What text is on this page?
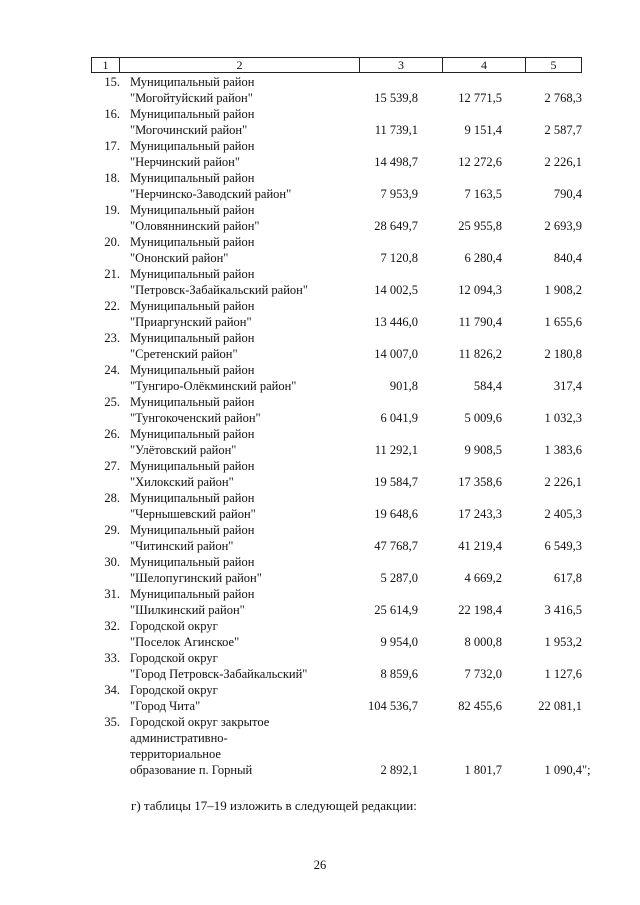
1	2	3	4	5
15. Муниципальный район
"Могойтуйский район"	15 539,8	12 771,5	2 768,3
16. Муниципальный район
"Могочинский район"	11 739,1	9 151,4	2 587,7
17. Муниципальный район
"Нерчинский район"	14 498,7	12 272,6	2 226,1
18. Муниципальный район
"Нерчинско-Заводский район"	7 953,9	7 163,5	790,4
19. Муниципальный район
"Оловяннинский район"	28 649,7	25 955,8	2 693,9
20. Муниципальный район
"Ононский район"	7 120,8	6 280,4	840,4
21. Муниципальный район
"Петровск-Забайкальский район"	14 002,5	12 094,3	1 908,2
22. Муниципальный район
"Приаргунский район"	13 446,0	11 790,4	1 655,6
23. Муниципальный район
"Сретенский район"	14 007,0	11 826,2	2 180,8
24. Муниципальный район
"Тунгиро-Олёкминский район"	901,8	584,4	317,4
25. Муниципальный район
"Тунгокоченский район"	6 041,9	5 009,6	1 032,3
26. Муниципальный район
"Улётовский район"	11 292,1	9 908,5	1 383,6
27. Муниципальный район
"Хилокский район"	19 584,7	17 358,6	2 226,1
28. Муниципальный район
"Чернышевский район"	19 648,6	17 243,3	2 405,3
29. Муниципальный район
"Читинский район"	47 768,7	41 219,4	6 549,3
30. Муниципальный район
"Шелопугинский район"	5 287,0	4 669,2	617,8
31. Муниципальный район
"Шилкинский район"	25 614,9	22 198,4	3 416,5
32. Городской округ
"Поселок Агинское"	9 954,0	8 000,8	1 953,2
33. Городской округ
"Город Петровск-Забайкальский"	8 859,6	7 732,0	1 127,6
34. Городской округ
"Город Чита"	104 536,7	82 455,6	22 081,1
35. Городской округ закрытое
административно-
территориальное
образование п. Горный	2 892,1	1 801,7	1 090,4 ";
г) таблицы 17–19 изложить в следующей редакции:
26
